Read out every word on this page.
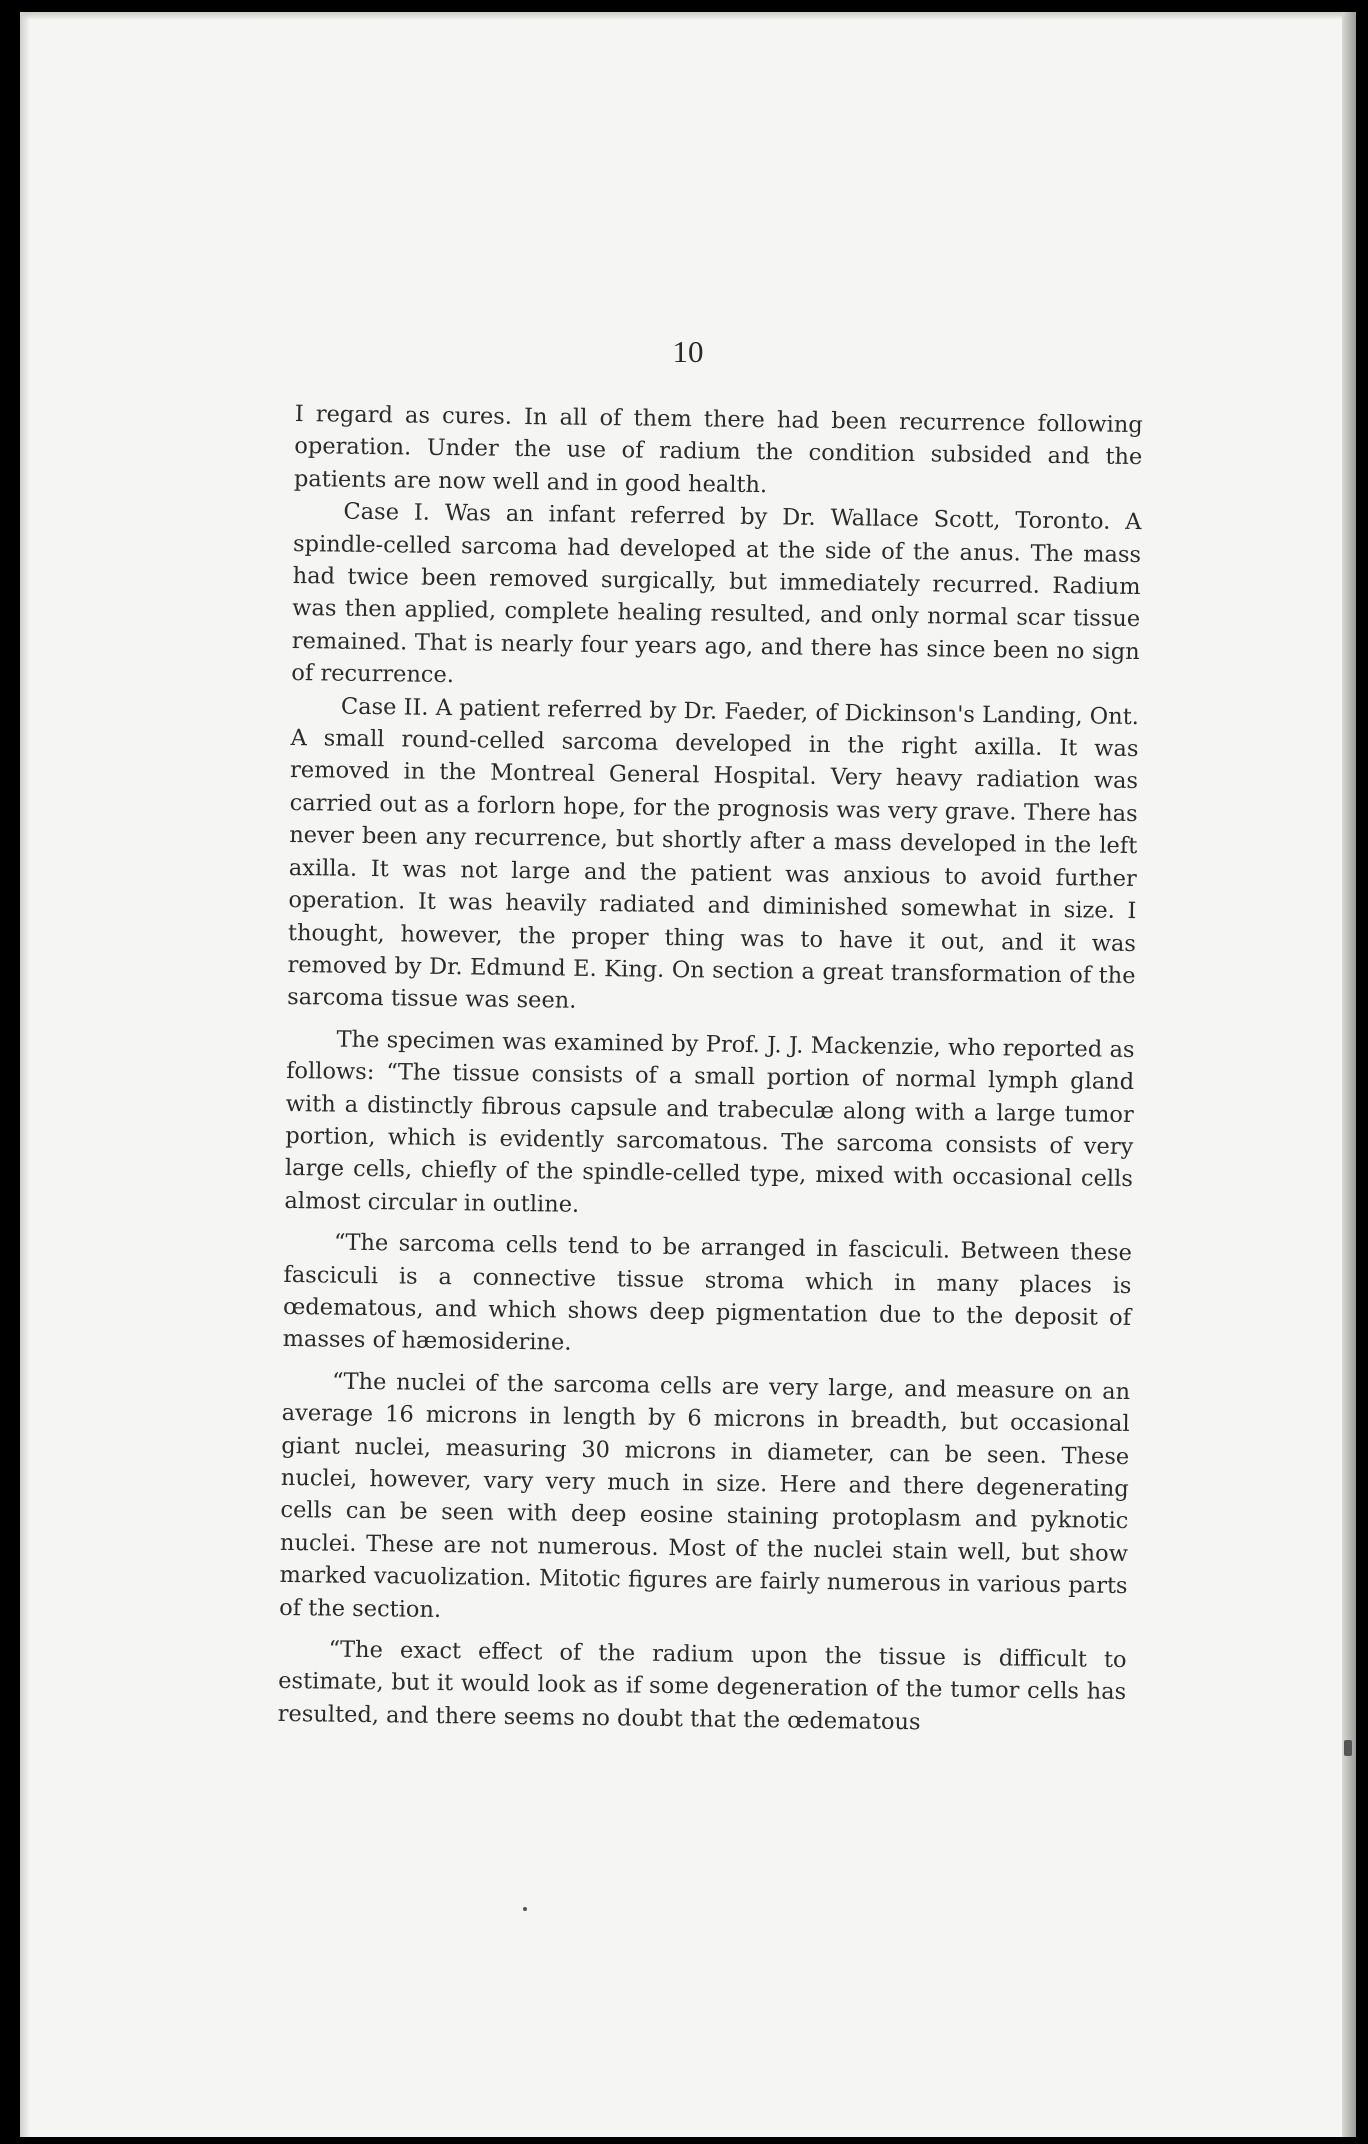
10

I regard as cures. In all of them there had been recurrence following operation. Under the use of radium the condition subsided and the patients are now well and in good health.

Case I. Was an infant referred by Dr. Wallace Scott, Toronto. A spindle-celled sarcoma had developed at the side of the anus. The mass had twice been removed surgically, but immediately recurred. Radium was then applied, complete healing resulted, and only normal scar tissue remained. That is nearly four years ago, and there has since been no sign of recurrence.

Case II. A patient referred by Dr. Faeder, of Dickinson's Landing, Ont. A small round-celled sarcoma developed in the right axilla. It was removed in the Montreal General Hospital. Very heavy radiation was carried out as a forlorn hope, for the prognosis was very grave. There has never been any recurrence, but shortly after a mass developed in the left axilla. It was not large and the patient was anxious to avoid further operation. It was heavily radiated and diminished somewhat in size. I thought, however, the proper thing was to have it out, and it was removed by Dr. Edmund E. King. On section a great transformation of the sarcoma tissue was seen.

The specimen was examined by Prof. J. J. Mackenzie, who reported as follows: “The tissue consists of a small portion of normal lymph gland with a distinctly fibrous capsule and trabeculæ along with a large tumor portion, which is evidently sarcomatous. The sarcoma consists of very large cells, chiefly of the spindle-celled type, mixed with occasional cells almost circular in outline.

“The sarcoma cells tend to be arranged in fasciculi. Between these fasciculi is a connective tissue stroma which in many places is œdematous, and which shows deep pigmentation due to the deposit of masses of hæmosiderine.

“The nuclei of the sarcoma cells are very large, and measure on an average 16 microns in length by 6 microns in breadth, but occasional giant nuclei, measuring 30 microns in diameter, can be seen. These nuclei, however, vary very much in size. Here and there degenerating cells can be seen with deep eosine staining protoplasm and pyknotic nuclei. These are not numerous. Most of the nuclei stain well, but show marked vacuolization. Mitotic figures are fairly numerous in various parts of the section.

“The exact effect of the radium upon the tissue is difficult to estimate, but it would look as if some degeneration of the tumor cells has resulted, and there seems no doubt that the œdematous
